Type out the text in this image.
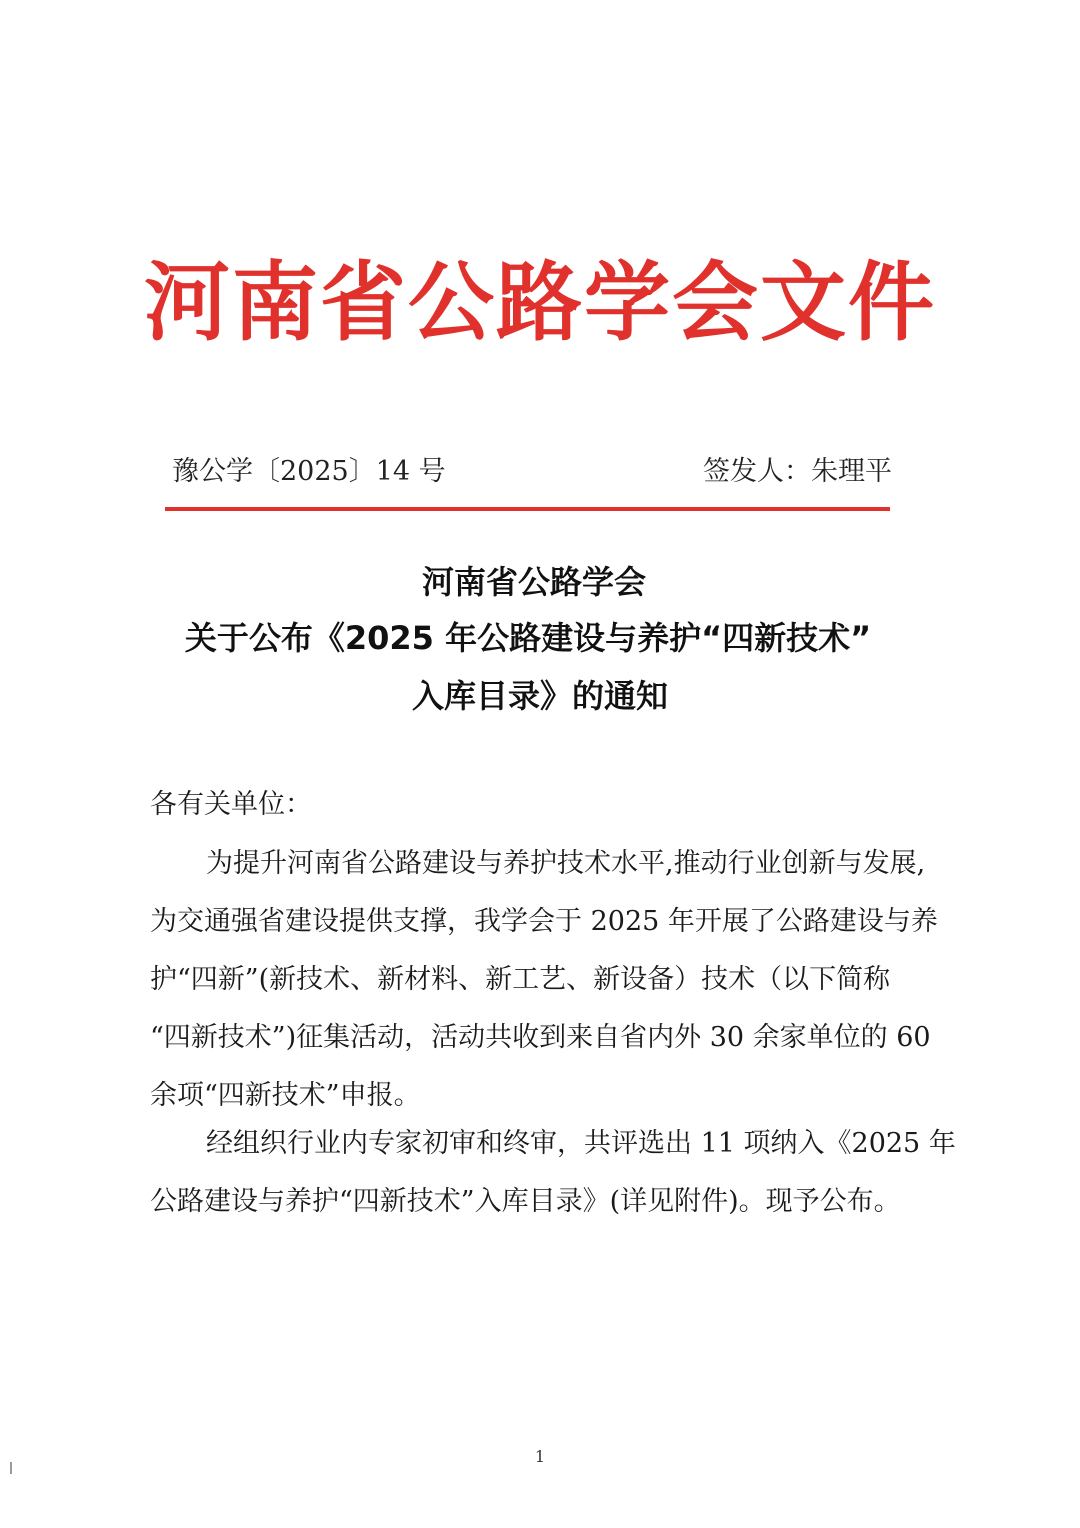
河南省公路学会文件
豫公学〔2025〕14 号	签发人：朱理平
河南省公路学会
关于公布《2025 年公路建设与养护“四新技术”
入库目录》的通知
各有关单位：
为提升河南省公路建设与养护技术水平,推动行业创新与发展,
为交通强省建设提供支撑，我学会于 2025 年开展了公路建设与养
护“四新”(新技术、新材料、新工艺、新设备）技术（以下简称
“四新技术”)征集活动，活动共收到来自省内外 30 余家单位的 60
余项“四新技术”申报。
经组织行业内专家初审和终审，共评选出 11 项纳入《2025 年
公路建设与养护“四新技术”入库目录》(详见附件)。现予公布。
1
